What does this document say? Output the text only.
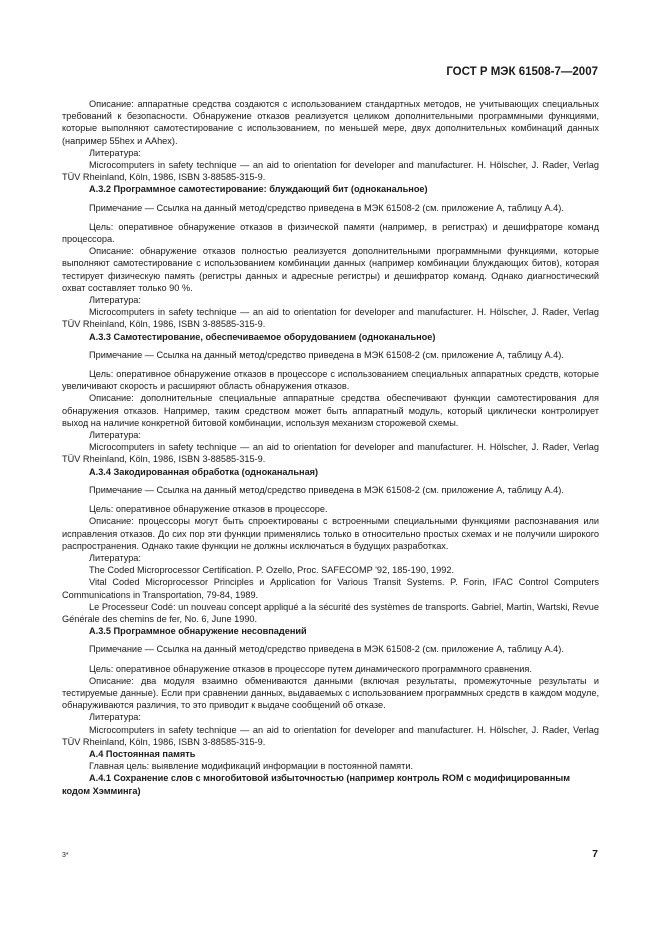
ГОСТ Р МЭК 61508-7—2007

Описание: аппаратные средства создаются с использованием стандартных методов, не учитывающих специальных требований к безопасности. Обнаружение отказов реализуется целиком дополнительными программными функциями, которые выполняют самотестирование с использованием, по меньшей мере, двух дополнительных комбинаций данных (например 55hex и AAhex).

Литература:

Microcomputers in safety technique — an aid to orientation for developer and manufacturer. H. Hölscher, J. Rader, Verlag TÜV Rheinland, Köln, 1986, ISBN 3-88585-315-9.

A.3.2 Программное самотестирование: блуждающий бит (одноканальное)

Примечание — Ссылка на данный метод/средство приведена в МЭК 61508-2 (см. приложение А, таблицу А.4).

Цель: оперативное обнаружение отказов в физической памяти (например, в регистрах) и дешифраторе команд процессора.

Описание: обнаружение отказов полностью реализуется дополнительными программными функциями, которые выполняют самотестирование с использованием комбинации данных (например комбинации блуждающих битов), которая тестирует физическую память (регистры данных и адресные регистры) и дешифратор команд. Однако диагностический охват составляет только 90 %.

Литература:

Microcomputers in safety technique — an aid to orientation for developer and manufacturer. H. Hölscher, J. Rader, Verlag TÜV Rheinland, Köln, 1986, ISBN 3-88585-315-9.

A.3.3 Самотестирование, обеспечиваемое оборудованием (одноканальное)

Примечание — Ссылка на данный метод/средство приведена в МЭК 61508-2 (см. приложение А, таблицу А.4).

Цель: оперативное обнаружение отказов в процессоре с использованием специальных аппаратных средств, которые увеличивают скорость и расширяют область обнаружения отказов.

Описание: дополнительные специальные аппаратные средства обеспечивают функции самотестирования для обнаружения отказов. Например, таким средством может быть аппаратный модуль, который циклически контролирует выход на наличие конкретной битовой комбинации, используя механизм сторожевой схемы.

Литература:

Microcomputers in safety technique — an aid to orientation for developer and manufacturer. H. Hölscher, J. Rader, Verlag TÜV Rheinland, Köln, 1986, ISBN 3-88585-315-9.

A.3.4 Закодированная обработка (одноканальная)

Примечание — Ссылка на данный метод/средство приведена в МЭК 61508-2 (см. приложение А, таблицу А.4).

Цель: оперативное обнаружение отказов в процессоре.

Описание: процессоры могут быть спроектированы с встроенными специальными функциями распознавания или исправления отказов. До сих пор эти функции применялись только в относительно простых схемах и не получили широкого распространения. Однако такие функции не должны исключаться в будущих разработках.

Литература:

The Coded Microprocessor Certification. P. Ozello, Proc. SAFECOMP '92, 185-190, 1992.

Vital Coded Microprocessor Principles и Application for Various Transit Systems. P. Forin, IFAC Control Computers Communications in Transportation, 79-84, 1989.

Le Processeur Codé: un nouveau concept appliqué a la sécurité des systèmes de transports. Gabriel, Martin, Wartski, Revue Générale des chemins de fer, No. 6, June 1990.

A.3.5 Программное обнаружение несовпадений

Примечание — Ссылка на данный метод/средство приведена в МЭК 61508-2 (см. приложение А, таблицу А.4).

Цель: оперативное обнаружение отказов в процессоре путем динамического программного сравнения.

Описание: два модуля взаимно обмениваются данными (включая результаты, промежуточные результаты и тестируемые данные). Если при сравнении данных, выдаваемых с использованием программных средств в каждом модуле, обнаруживаются различия, то это приводит к выдаче сообщений об отказе.

Литература:

Microcomputers in safety technique — an aid to orientation for developer and manufacturer. H. Hölscher, J. Rader, Verlag TÜV Rheinland, Köln, 1986, ISBN 3-88585-315-9.

A.4 Постоянная память

Главная цель: выявление модификаций информации в постоянной памяти.

A.4.1 Сохранение слов с многобитовой избыточностью (например контроль ROM с модифицированным кодом Хэмминга)

3*	7
